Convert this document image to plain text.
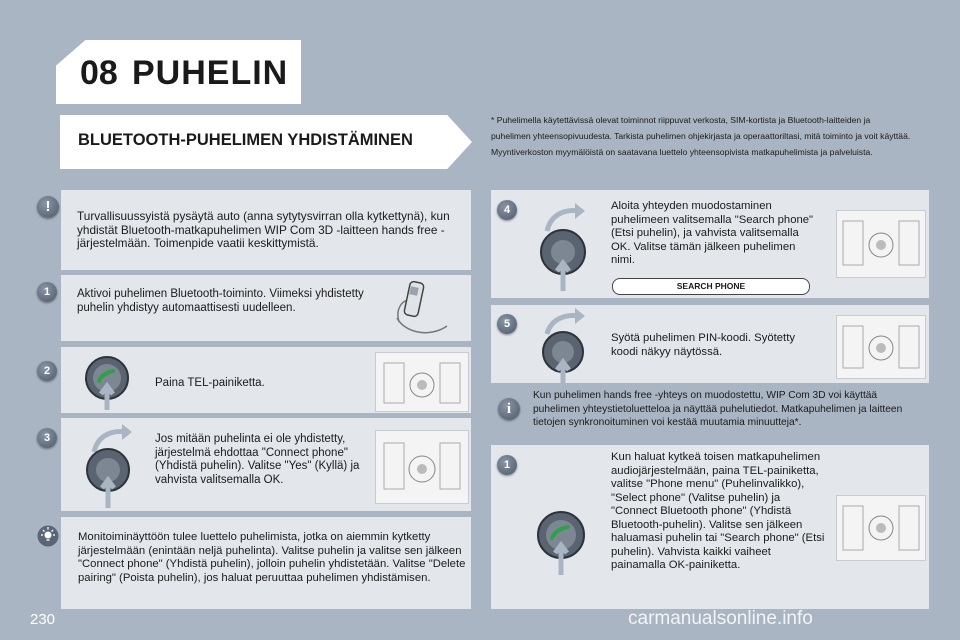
08 PUHELIN
BLUETOOTH-PUHELIMEN YHDISTÄMINEN
* Puhelimella käytettävissä olevat toiminnot riippuvat verkosta, SIM-kortista ja Bluetooth-laitteiden ja puhelimen yhteensopivuudesta. Tarkista puhelimen ohjekirjasta ja operaattoriltasi, mitä toiminto ja voit käyttää. Myyntiverkoston myymälöistä on saatavana luettelo yhteensopivista matkapuhelimista ja palveluista.
!
Turvallisuussyistä pysäytä auto (anna sytytysvirran olla kytkettynä), kun yhdistät Bluetooth-matkapuhelimen WIP Com 3D -laitteen hands free -järjestelmään. Toimenpide vaatii keskittymistä.
1	Aktivoi puhelimen Bluetooth-toiminto. Viimeksi yhdistetty puhelin yhdistyy automaattisesti uudelleen.
2
Paina TEL-painiketta.
3	Jos mitään puhelinta ei ole yhdistetty, järjestelmä ehdottaa "Connect phone" (Yhdistä puhelin). Valitse "Yes" (Kyllä) ja vahvista valitsemalla OK.
Monitoiminäyttöön tulee luettelo puhelimista, jotka on aiemmin kytketty järjestelmään (enintään neljä puhelinta). Valitse puhelin ja valitse sen jälkeen "Connect phone" (Yhdistä puhelin), jolloin puhelin yhdistetään. Valitse "Delete pairing" (Poista puhelin), jos haluat peruuttaa puhelimen yhdistämisen.
4	Aloita yhteyden muodostaminen puhelimeen valitsemalla "Search phone" (Etsi puhelin), ja vahvista valitsemalla OK. Valitse tämän jälkeen puhelimen nimi.
SEARCH PHONE
5
Syötä puhelimen PIN-koodi. Syötetty koodi näkyy näytössä.
i
Kun puhelimen hands free -yhteys on muodostettu, WIP Com 3D voi käyttää puhelimen yhteystietoluetteloa ja näyttää puhelutiedot. Matkapuhelimen ja laitteen tietojen synkronoituminen voi kestää muutamia minuutteja*.
1
Kun haluat kytkeä toisen matkapuhelimen audiojärjestelmään, paina TEL-painiketta, valitse "Phone menu" (Puhelinvalikko), "Select phone" (Valitse puhelin) ja "Connect Bluetooth phone" (Yhdistä Bluetooth-puhelin). Valitse sen jälkeen haluamasi puhelin tai "Search phone" (Etsi puhelin). Vahvista kaikki vaiheet painamalla OK-painiketta.
230	carmanualsonline.info
